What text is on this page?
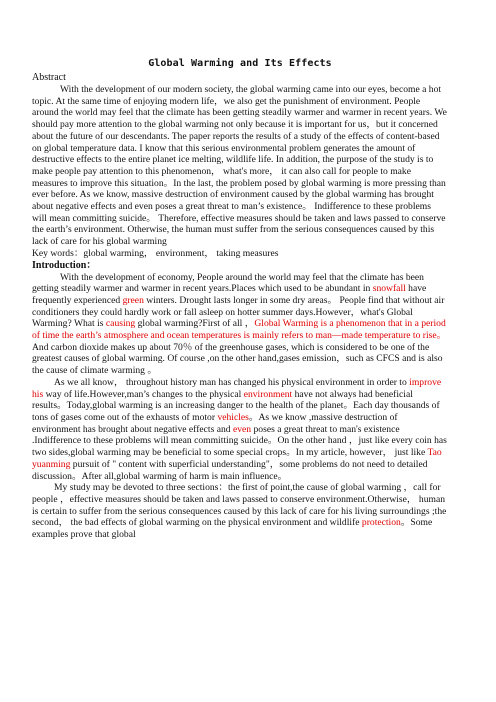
Global Warming and Its Effects
Abstract

With the development of our modern society, the global warming came into our eyes, become a hot topic. At the same time of enjoying modern life，we also get the punishment of environment. People around the world may feel that the climate has been getting steadily warmer and warmer in recent years. We should pay more attention to the global warming not only because it is important for us，but it concerned about the future of our descendants. The paper reports the results of a study of the effects of content-based on global temperature data. I know that this serious environmental problem generates the amount of destructive effects to the entire planet ice melting, wildlife life. In addition, the purpose of the study is to make people pay attention to this phenomenon， what's more， it can also call for people to make measures to improve this situation。In the last, the problem posed by global warming is more pressing than ever before. As we know, massive destruction of environment caused by the global warming has brought about negative effects and even poses a great threat to man’s existence。 Indifference to these problems will mean committing suicide。 Therefore, effective measures should be taken and laws passed to conserve the earth’s environment. Otherwise, the human must suffer from the serious consequences caused by this lack of care for his global warming

Key words：global warming， environment， taking measures

Introduction：

With the development of economy, People around the world may feel that the climate has been getting steadily warmer and warmer in recent years.Places which used to be abundant in snowfall have frequently experienced green winters. Drought lasts longer in some dry areas。 People find that without air conditioners they could hardly work or fall asleep on hotter summer days.However，what's Global Warming? What is causing global warming?First of all ，Global Warming is a phenomenon that in a period of time the earth’s atmosphere and ocean temperatures is mainly refers to man—made temperature to rise。 And carbon dioxide makes up about 70％ of the greenhouse gases, which is considered to be one of the greatest causes of global warming. Of course ,on the other hand,gases emission，such as CFCS and is also the cause of climate warming 。

As we all know， throughout history man has changed his physical environment in order to improve his way of life.However,man’s changes to the physical environment have not always had beneficial results。Today,global warming is an increasing danger to the health of the planet。Each day thousands of tons of gases come out of the exhausts of motor vehicles。As we know ,massive destruction of environment has brought about negative effects and even poses a great threat to man's existence .Indifference to these problems will mean committing suicide。On the other hand ，just like every coin has two sides,global warming may be beneficial to some special crops。In my article, however， just like Tao yuanming pursuit of " content with superficial understanding"，some problems do not need to detailed discussion。After all,global warming of harm is main influence。

My study may be devoted to three sections：the first of point,the cause of global warming ，call for people ，effective measures should be taken and laws passed to conserve environment.Otherwise， human is certain to suffer from the serious consequences caused by this lack of care for his living surroundings ;the second， the bad effects of global warming on the physical environment and wildlife protection。Some examples prove that global
